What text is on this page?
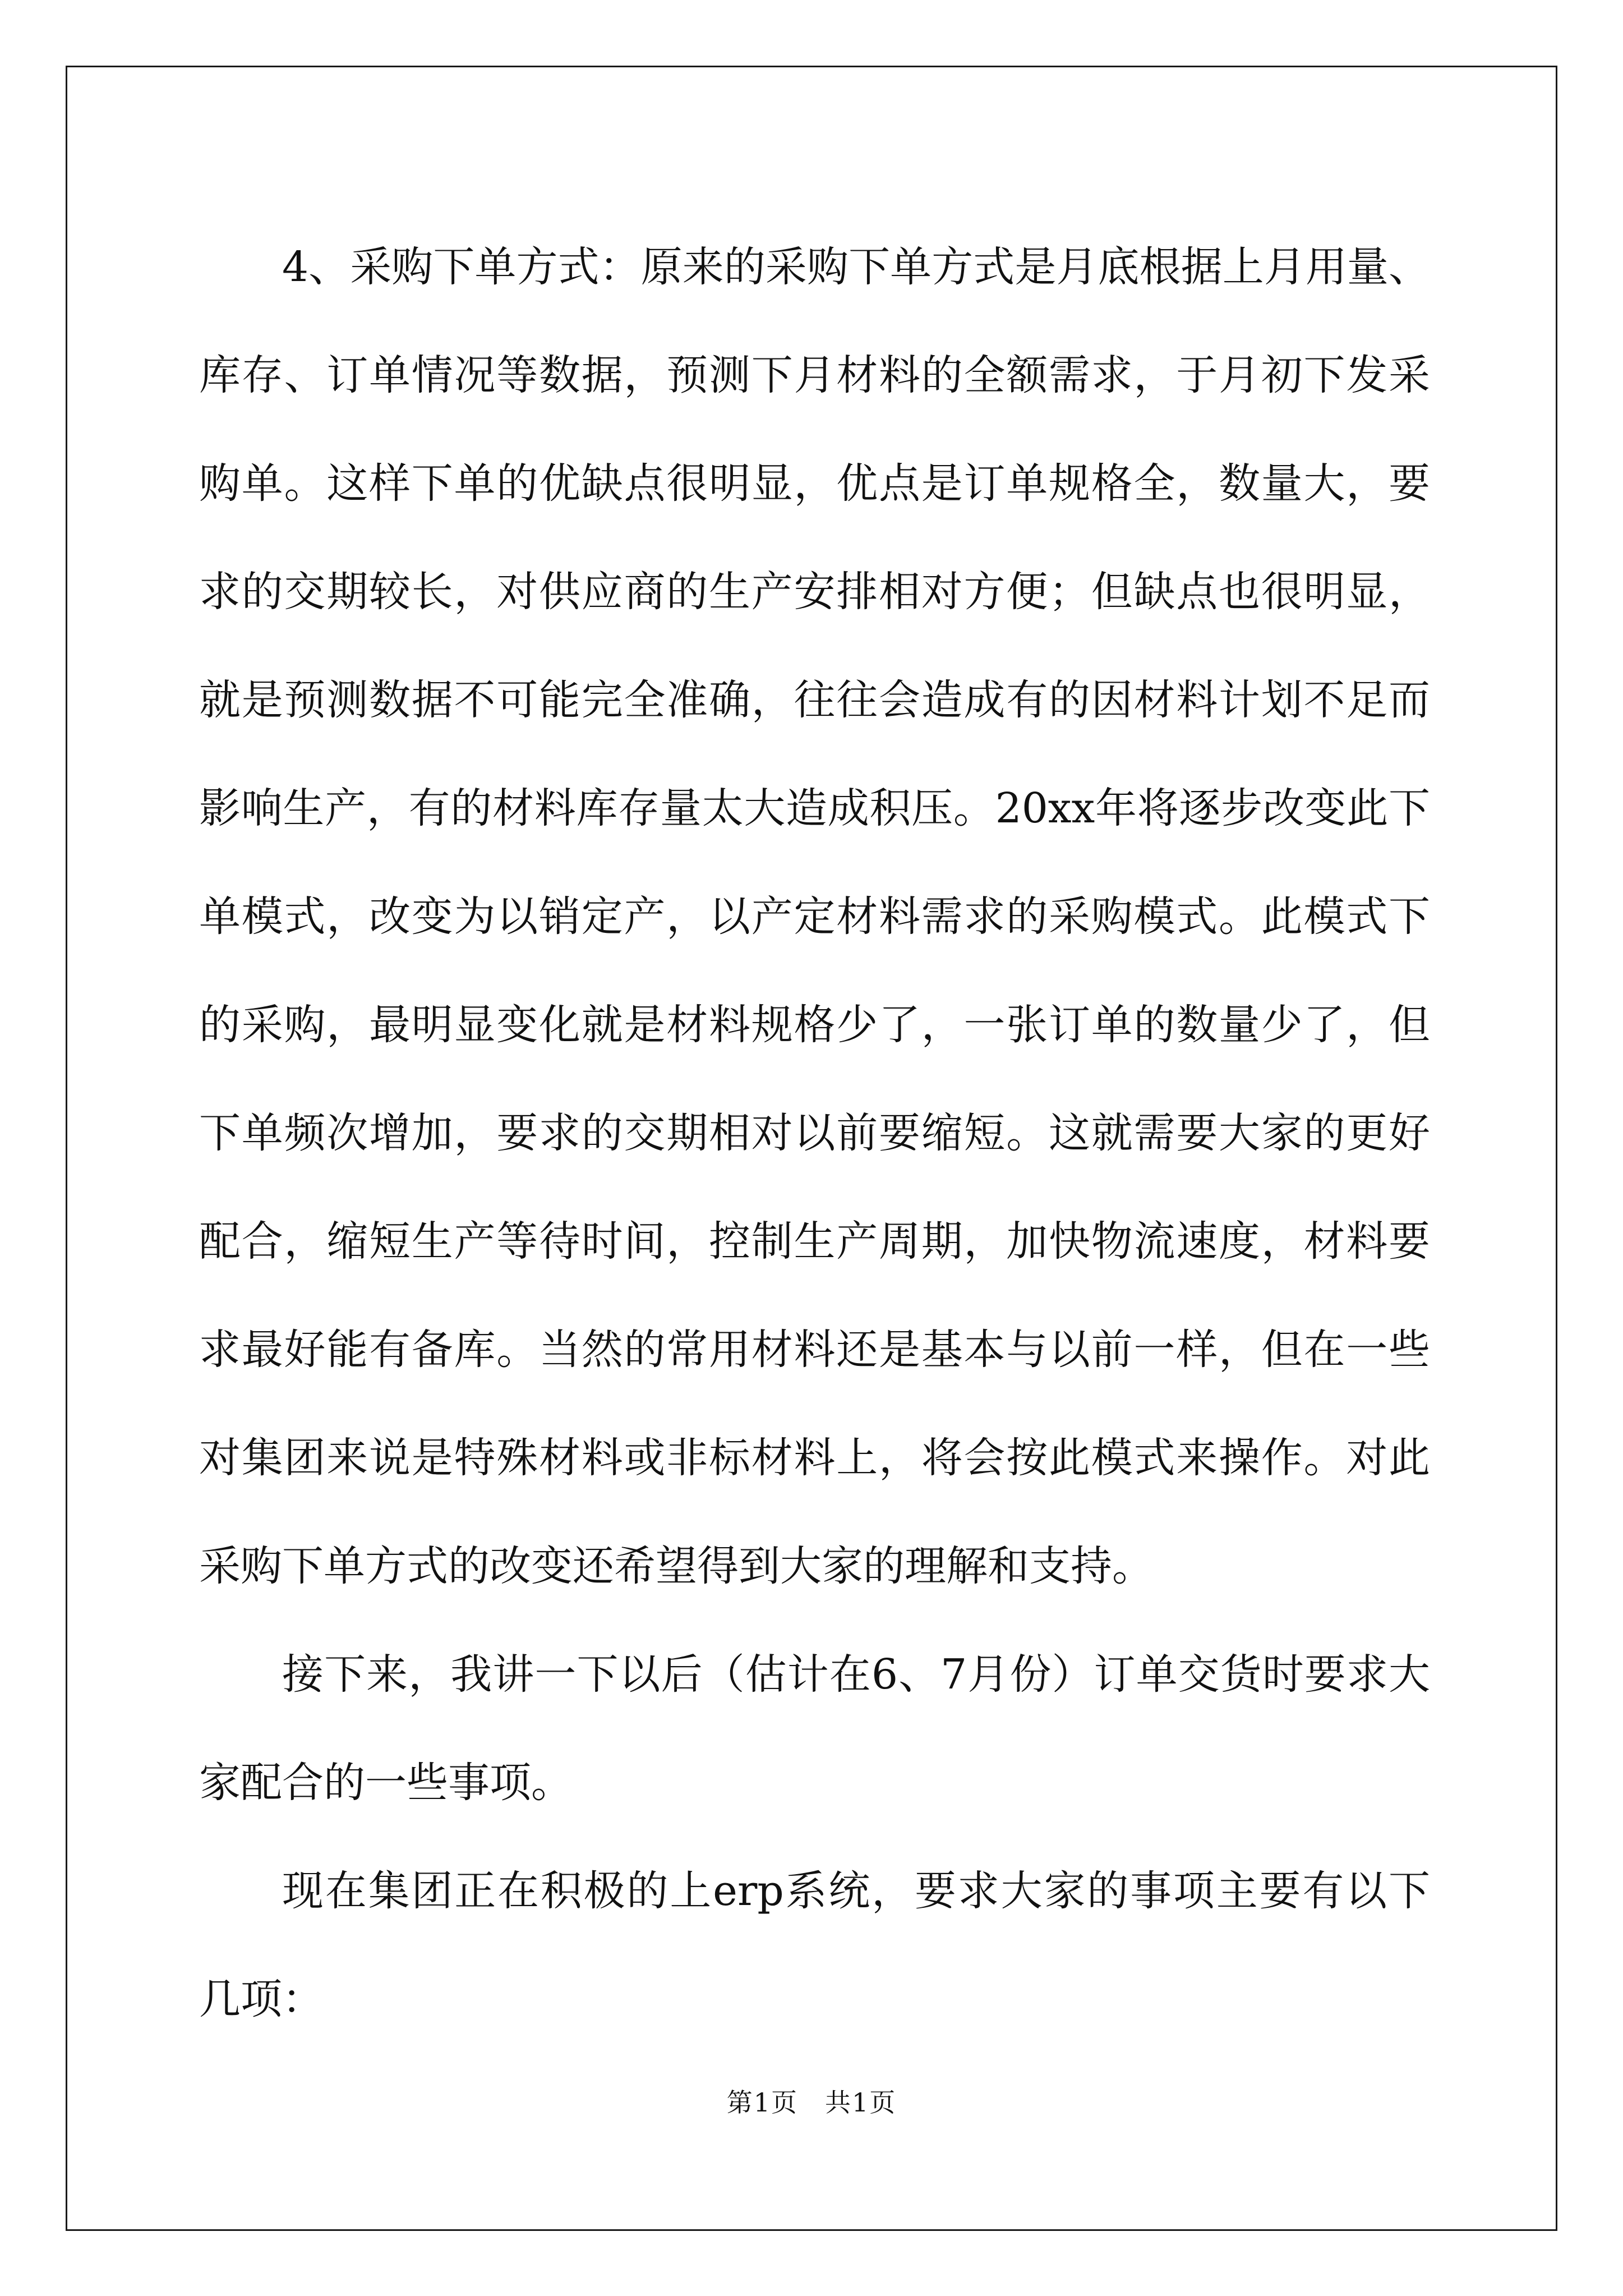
4、采购下单方式：原来的采购下单方式是月底根据上月用量、库存、订单情况等数据，预测下月材料的全额需求，于月初下发采购单。这样下单的优缺点很明显，优点是订单规格全，数量大，要求的交期较长，对供应商的生产安排相对方便；但缺点也很明显，就是预测数据不可能完全准确，往往会造成有的因材料计划不足而影响生产，有的材料库存量太大造成积压。20xx年将逐步改变此下单模式，改变为以销定产，以产定材料需求的采购模式。此模式下的采购，最明显变化就是材料规格少了，一张订单的数量少了，但下单频次增加，要求的交期相对以前要缩短。这就需要大家的更好配合，缩短生产等待时间，控制生产周期，加快物流速度，材料要求最好能有备库。当然的常用材料还是基本与以前一样，但在一些对集团来说是特殊材料或非标材料上，将会按此模式来操作。对此采购下单方式的改变还希望得到大家的理解和支持。

接下来，我讲一下以后（估计在6、7月份）订单交货时要求大家配合的一些事项。

现在集团正在积极的上erp系统，要求大家的事项主要有以下几项：

第1页　共1页
